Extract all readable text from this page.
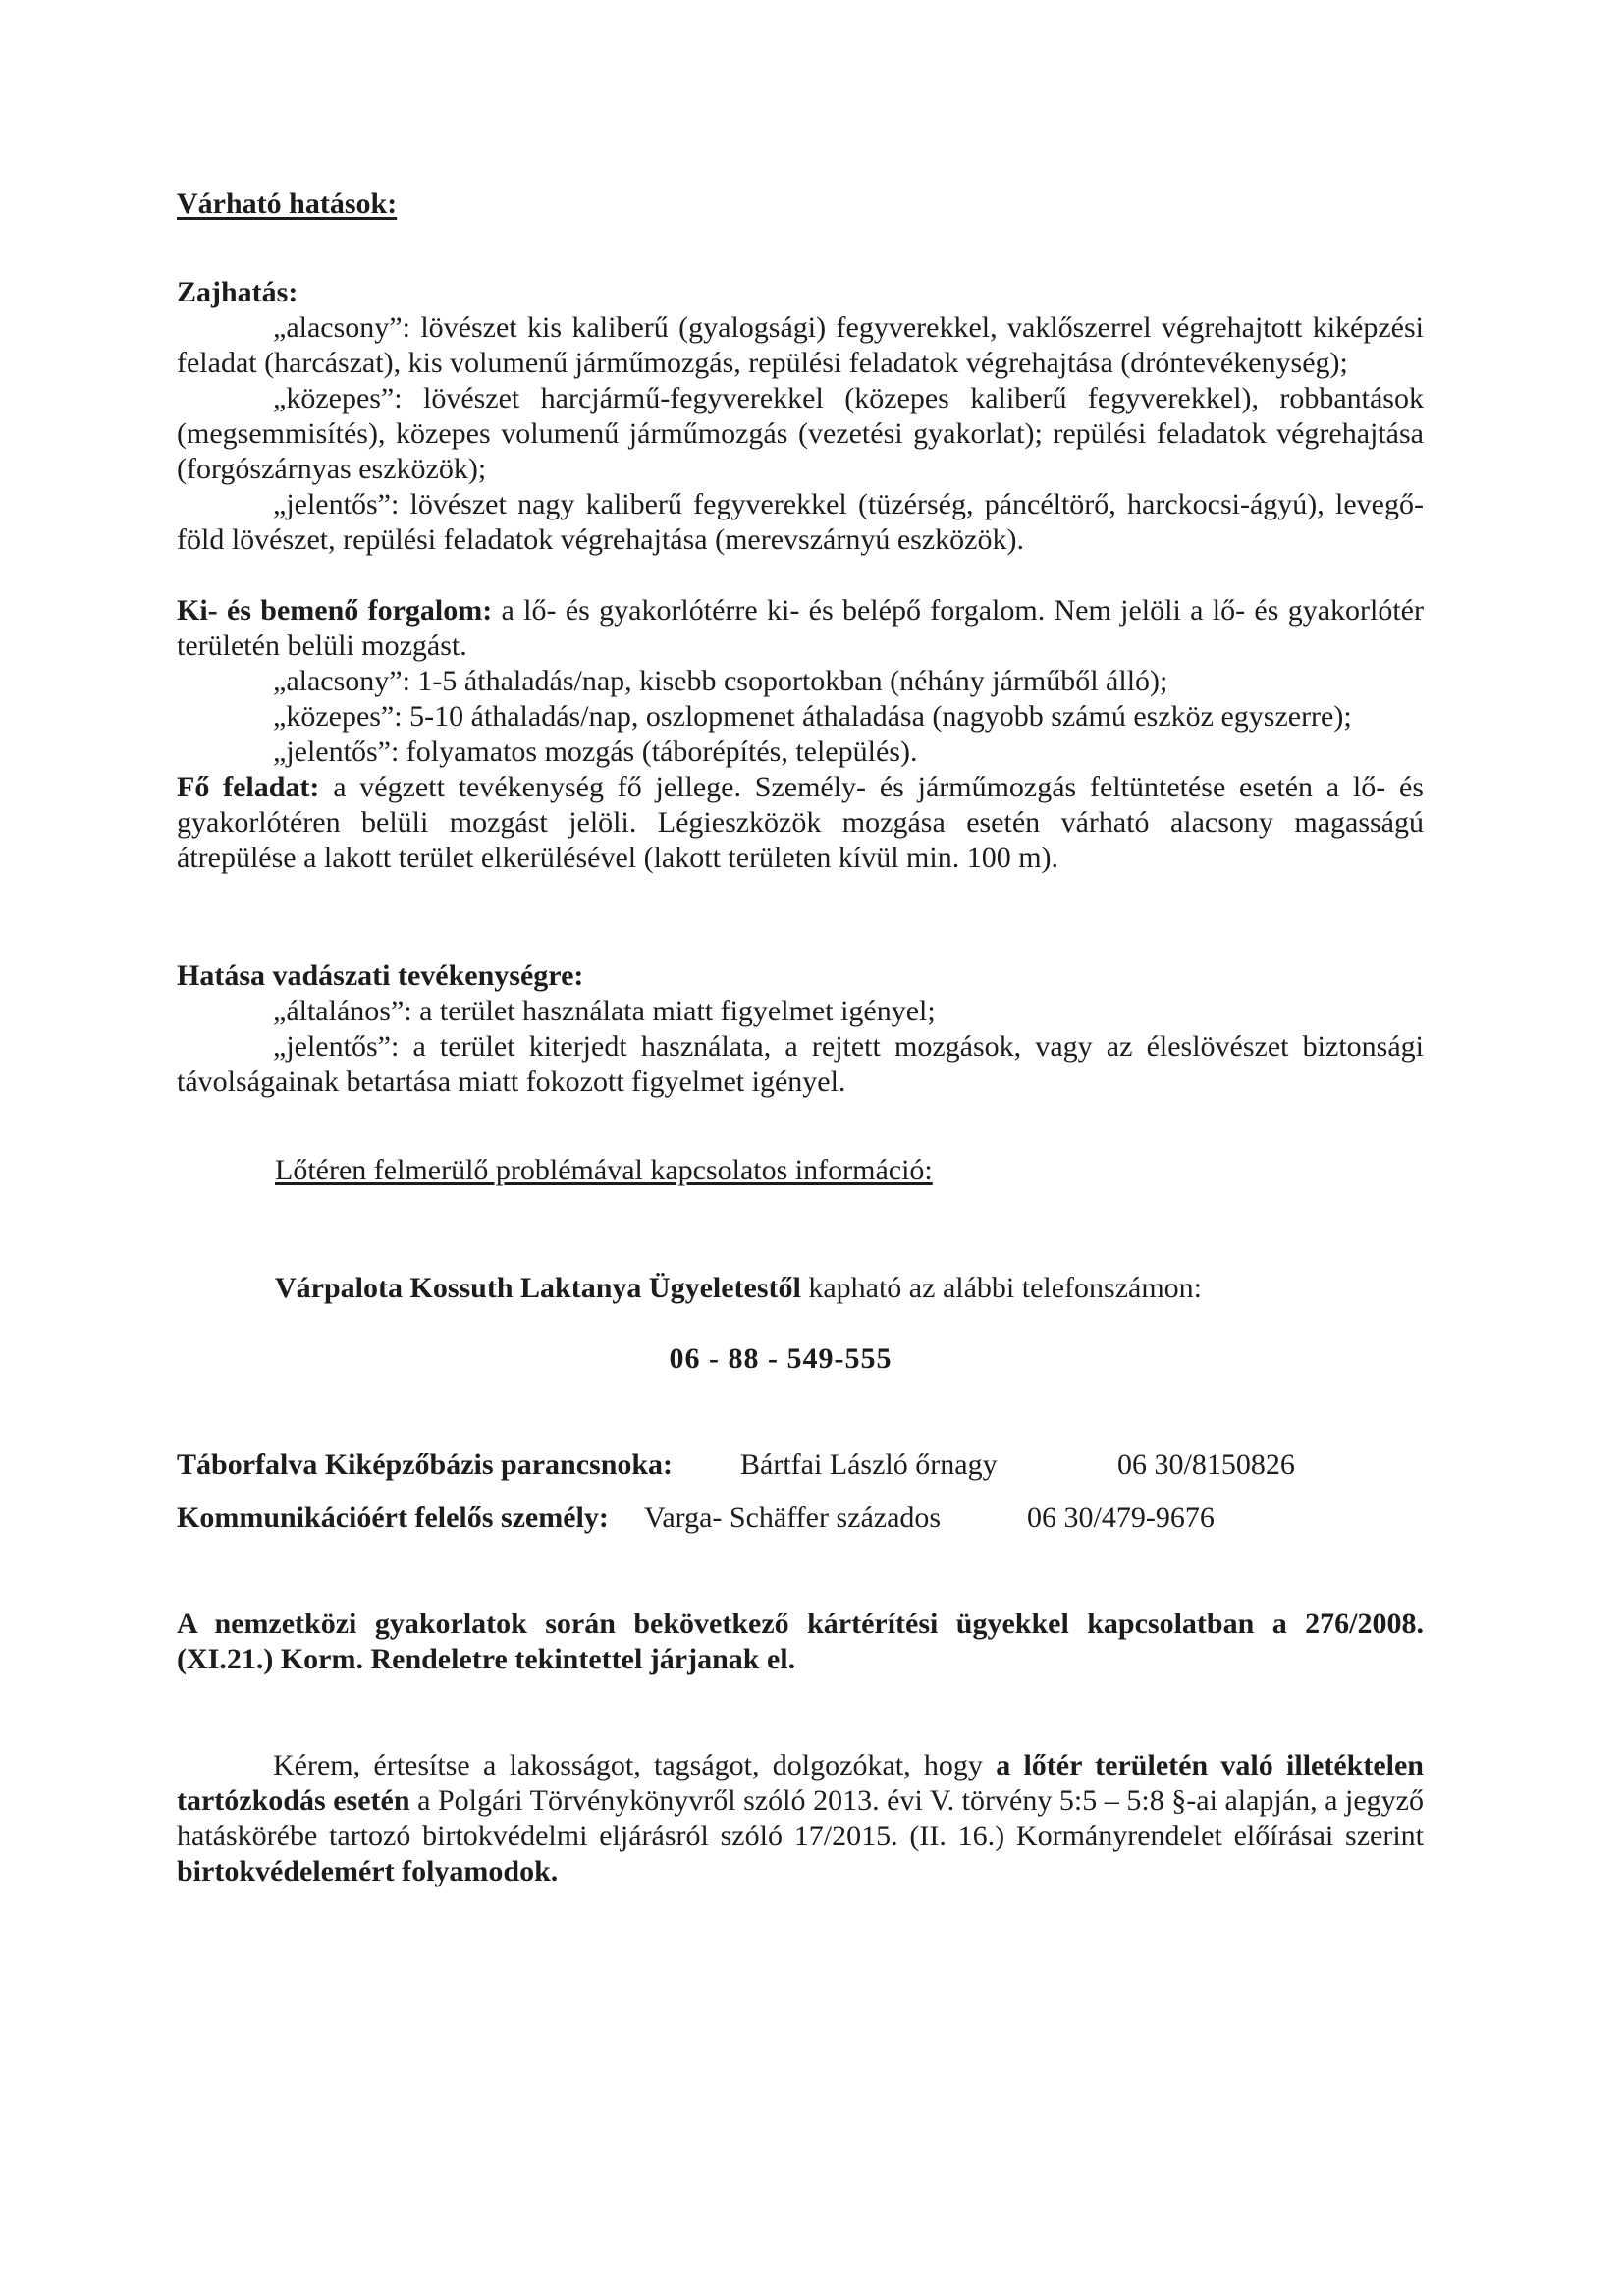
Várható hatások:

Zajhatás:

„alacsony”: lövészet kis kaliberű (gyalogsági) fegyverekkel, vaklőszerrel végrehajtott kiképzési feladat (harcászat), kis volumenű járműmozgás, repülési feladatok végrehajtása (dróntevékenység);

„közepes”: lövészet harcjármű-fegyverekkel (közepes kaliberű fegyverekkel), robbantások (megsemmisítés), közepes volumenű járműmozgás (vezetési gyakorlat); repülési feladatok végrehajtása (forgószárnyas eszközök);

„jelentős”: lövészet nagy kaliberű fegyverekkel (tüzérség, páncéltörő, harckocsi-ágyú), levegő-föld lövészet, repülési feladatok végrehajtása (merevszárnyú eszközök).

Ki- és bemenő forgalom: a lő- és gyakorlótérre ki- és belépő forgalom. Nem jelöli a lő- és gyakorlótér területén belüli mozgást.

„alacsony”: 1-5 áthaladás/nap, kisebb csoportokban (néhány járműből álló);

„közepes”: 5-10 áthaladás/nap, oszlopmenet áthaladása (nagyobb számú eszköz egyszerre);

„jelentős”: folyamatos mozgás (táborépítés, település).

Fő feladat: a végzett tevékenység fő jellege. Személy- és járműmozgás feltüntetése esetén a lő- és gyakorlótéren belüli mozgást jelöli. Légieszközök mozgása esetén várható alacsony magasságú átrepülése a lakott terület elkerülésével (lakott területen kívül min. 100 m).

Hatása vadászati tevékenységre:

„általános”: a terület használata miatt figyelmet igényel;

„jelentős”: a terület kiterjedt használata, a rejtett mozgások, vagy az éleslövészet biztonsági távolságainak betartása miatt fokozott figyelmet igényel.

Lőtéren felmerülő problémával kapcsolatos információ:

Várpalota Kossuth Laktanya Ügyeletestől kapható az alábbi telefonszámon:

06 - 88 - 549-555

Táborfalva Kiképzőbázis parancsnoka:	Bártfai László őrnagy	06 30/8150826
Kommunikációért felelős személy:	Varga- Schäffer százados	06 30/479-9676

A nemzetközi gyakorlatok során bekövetkező kártérítési ügyekkel kapcsolatban a 276/2008. (XI.21.) Korm. Rendeletre tekintettel járjanak el.

Kérem, értesítse a lakosságot, tagságot, dolgozókat, hogy a lőtér területén való illetéktelen tartózkodás esetén a Polgári Törvénykönyvről szóló 2013. évi V. törvény 5:5 – 5:8 §-ai alapján, a jegyző hatáskörébe tartozó birtokvédelmi eljárásról szóló 17/2015. (II. 16.) Kormányrendelet előírásai szerint birtokvédelemért folyamodok.
